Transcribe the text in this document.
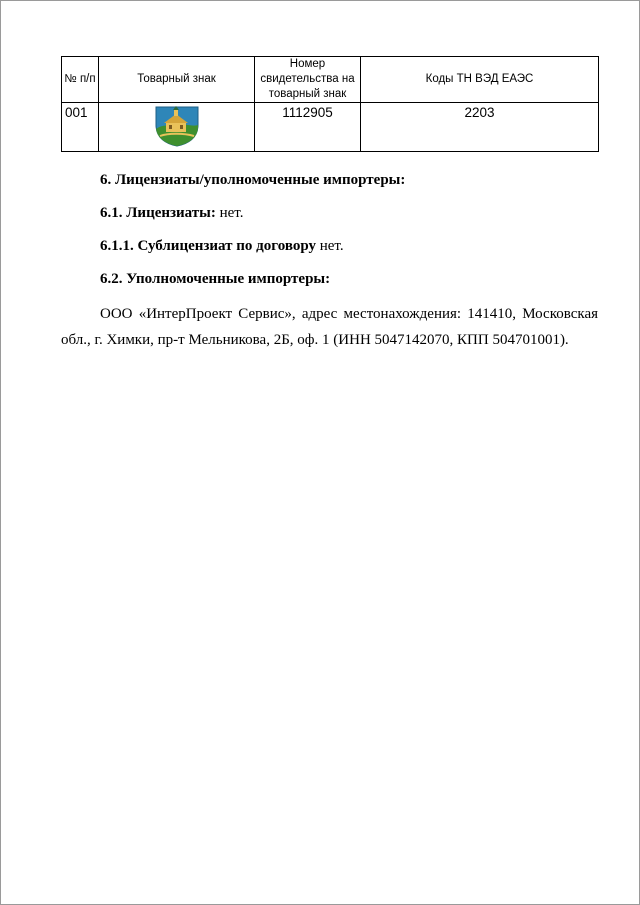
№ п/п	Товарный знак	Номер свидетельства на товарный знак	Коды ТН ВЭД ЕАЭС
001		1112905	2203
6. Лицензиаты/уполномоченные импортеры:
6.1. Лицензиаты: нет.
6.1.1. Сублицензиат по договору нет.
6.2. Уполномоченные импортеры:
ООО «ИнтерПроект Сервис», адрес местонахождения: 141410, Московская обл., г. Химки, пр-т Мельникова, 2Б, оф. 1 (ИНН 5047142070, КПП 504701001).
